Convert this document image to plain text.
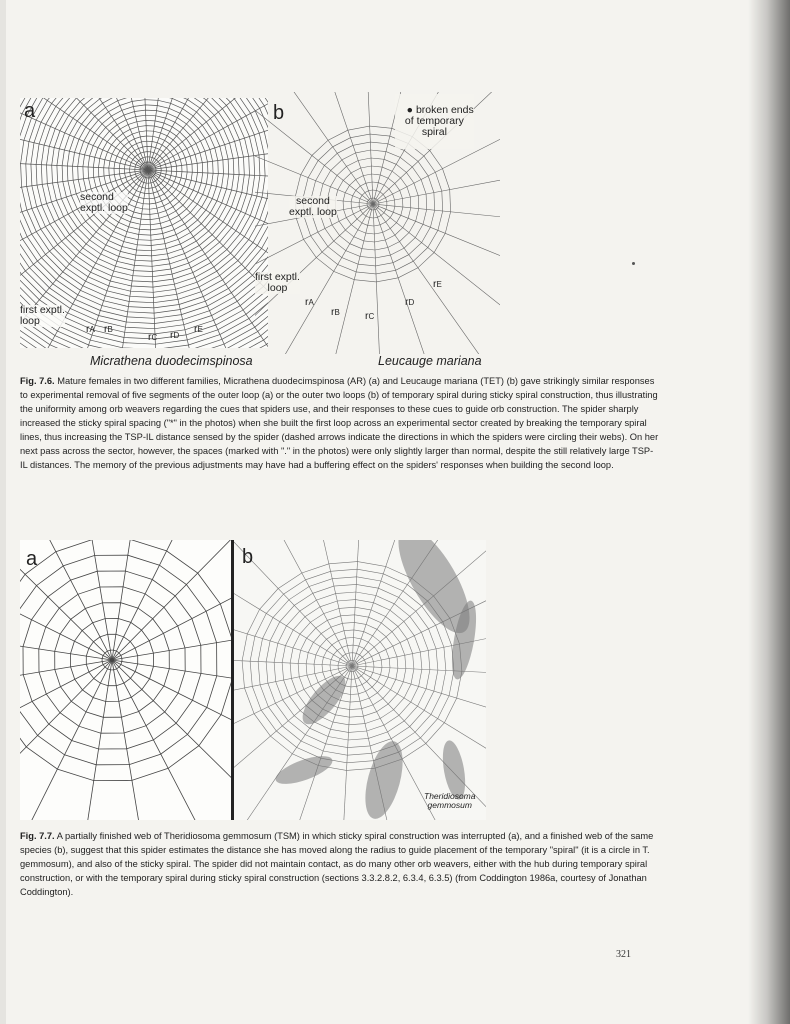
a
second
exptl. loop
first exptl.
loop
rA rB
rC rD
rE
Micrathena duodecimspinosa
b	● broken ends
of temporary
spiral

second
exptl. loop
first exptl.
loop
rA
rB rC
rD
rE
Leucauge mariana
Fig. 7.6. Mature females in two different families, Micrathena duodecimspinosa (AR) (a) and Leucauge mariana (TET) (b) gave strikingly similar responses to experimental removal of five segments of the outer loop (a) or the outer two loops (b) of temporary spiral during sticky spiral construction, thus illustrating the uniformity among orb weavers regarding the cues that spiders use, and their responses to these cues to guide orb construction. The spider sharply increased the sticky spiral spacing ("*" in the photos) when she built the first loop across an experimental sector created by breaking the temporary spiral lines, thus increasing the TSP-IL distance sensed by the spider (dashed arrows indicate the directions in which the spiders were circling their webs). On her next pass across the sector, however, the spaces (marked with "." in the photos) were only slightly larger than normal, despite the still relatively large TSP-IL distances. The memory of the previous adjustments may have had a buffering effect on the spiders' responses when building the second loop.
a	b
Theridiosoma
gemmosum
Fig. 7.7. A partially finished web of Theridiosoma gemmosum (TSM) in which sticky spiral construction was interrupted (a), and a finished web of the same species (b), suggest that this spider estimates the distance she has moved along the radius to guide placement of the temporary "spiral" (it is a circle in T. gemmosum), and also of the sticky spiral. The spider did not maintain contact, as do many other orb weavers, either with the hub during temporary spiral construction, or with the temporary spiral during sticky spiral construction (sections 3.3.2.8.2, 6.3.4, 6.3.5) (from Coddington 1986a, courtesy of Jonathan Coddington).
321
